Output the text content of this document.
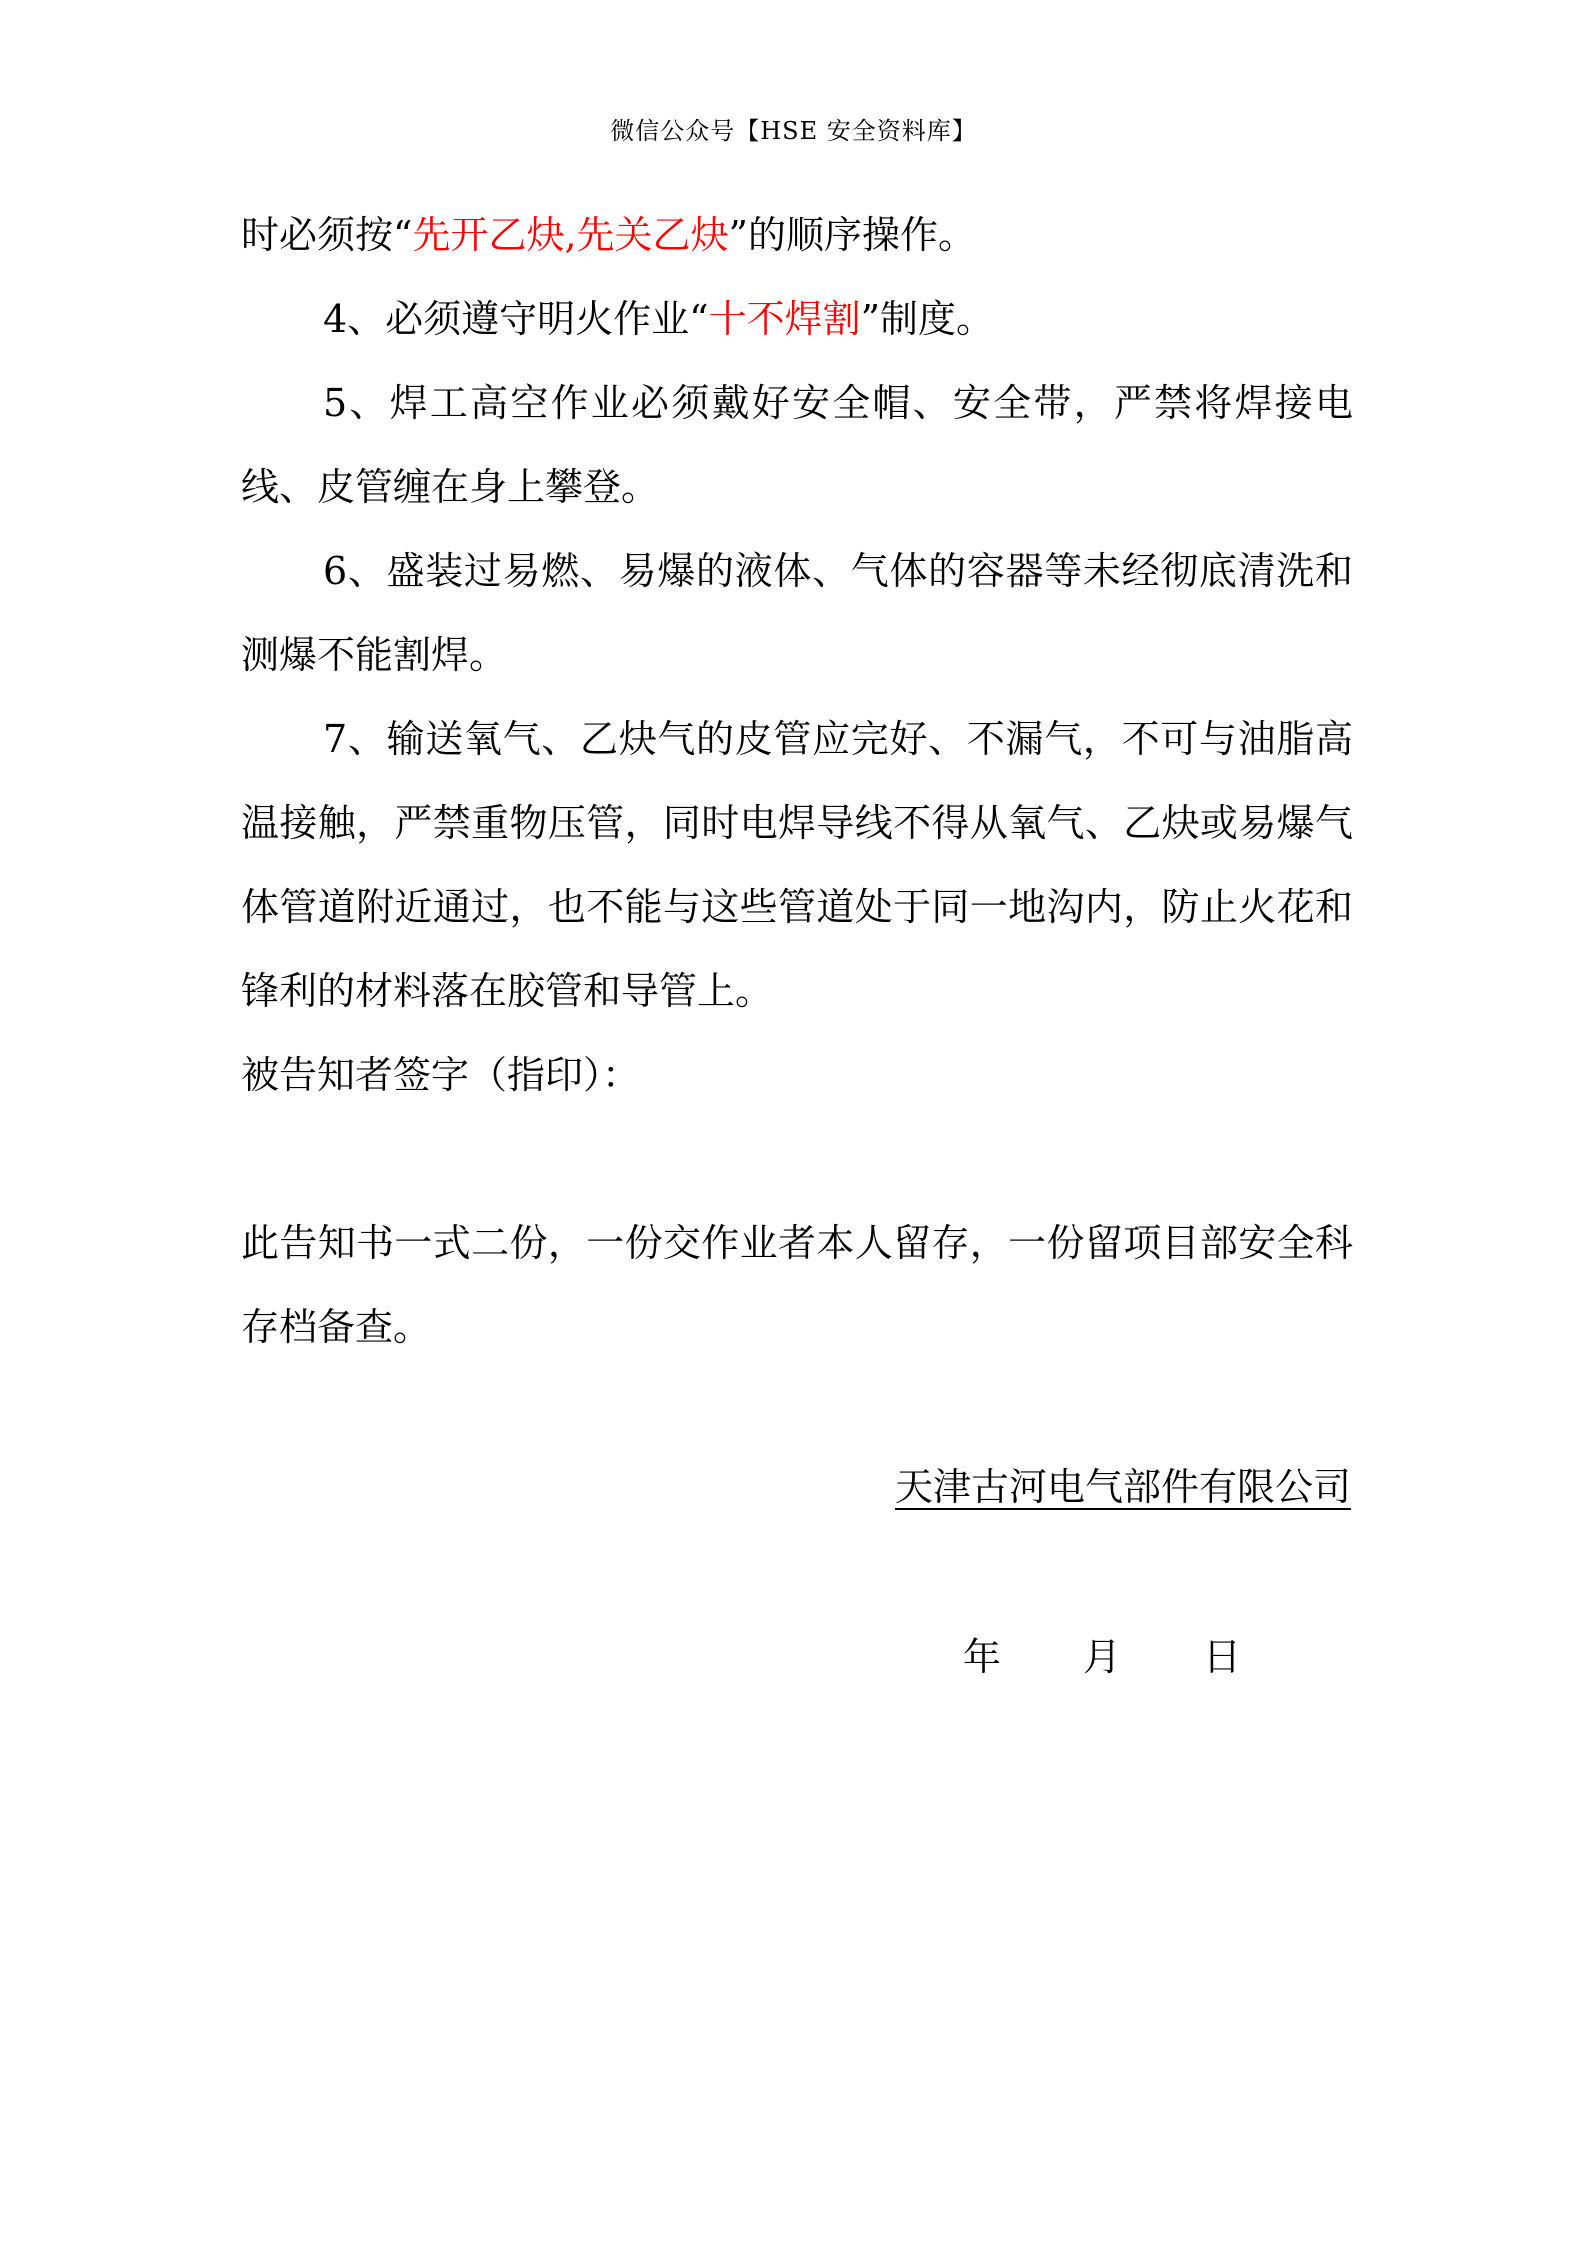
微信公众号【HSE 安全资料库】

时必须按“先开乙炔,先关乙炔”的顺序操作。

4、必须遵守明火作业“十不焊割”制度。

5、焊工高空作业必须戴好安全帽、安全带，严禁将焊接电线、皮管缠在身上攀登。

6、盛装过易燃、易爆的液体、气体的容器等未经彻底清洗和测爆不能割焊。

7、输送氧气、乙炔气的皮管应完好、不漏气，不可与油脂高温接触，严禁重物压管，同时电焊导线不得从氧气、乙炔或易爆气体管道附近通过，也不能与这些管道处于同一地沟内，防止火花和锋利的材料落在胶管和导管上。

被告知者签字（指印）：

此告知书一式二份，一份交作业者本人留存，一份留项目部安全科存档备查。

天津古河电气部件有限公司
年	月	日
